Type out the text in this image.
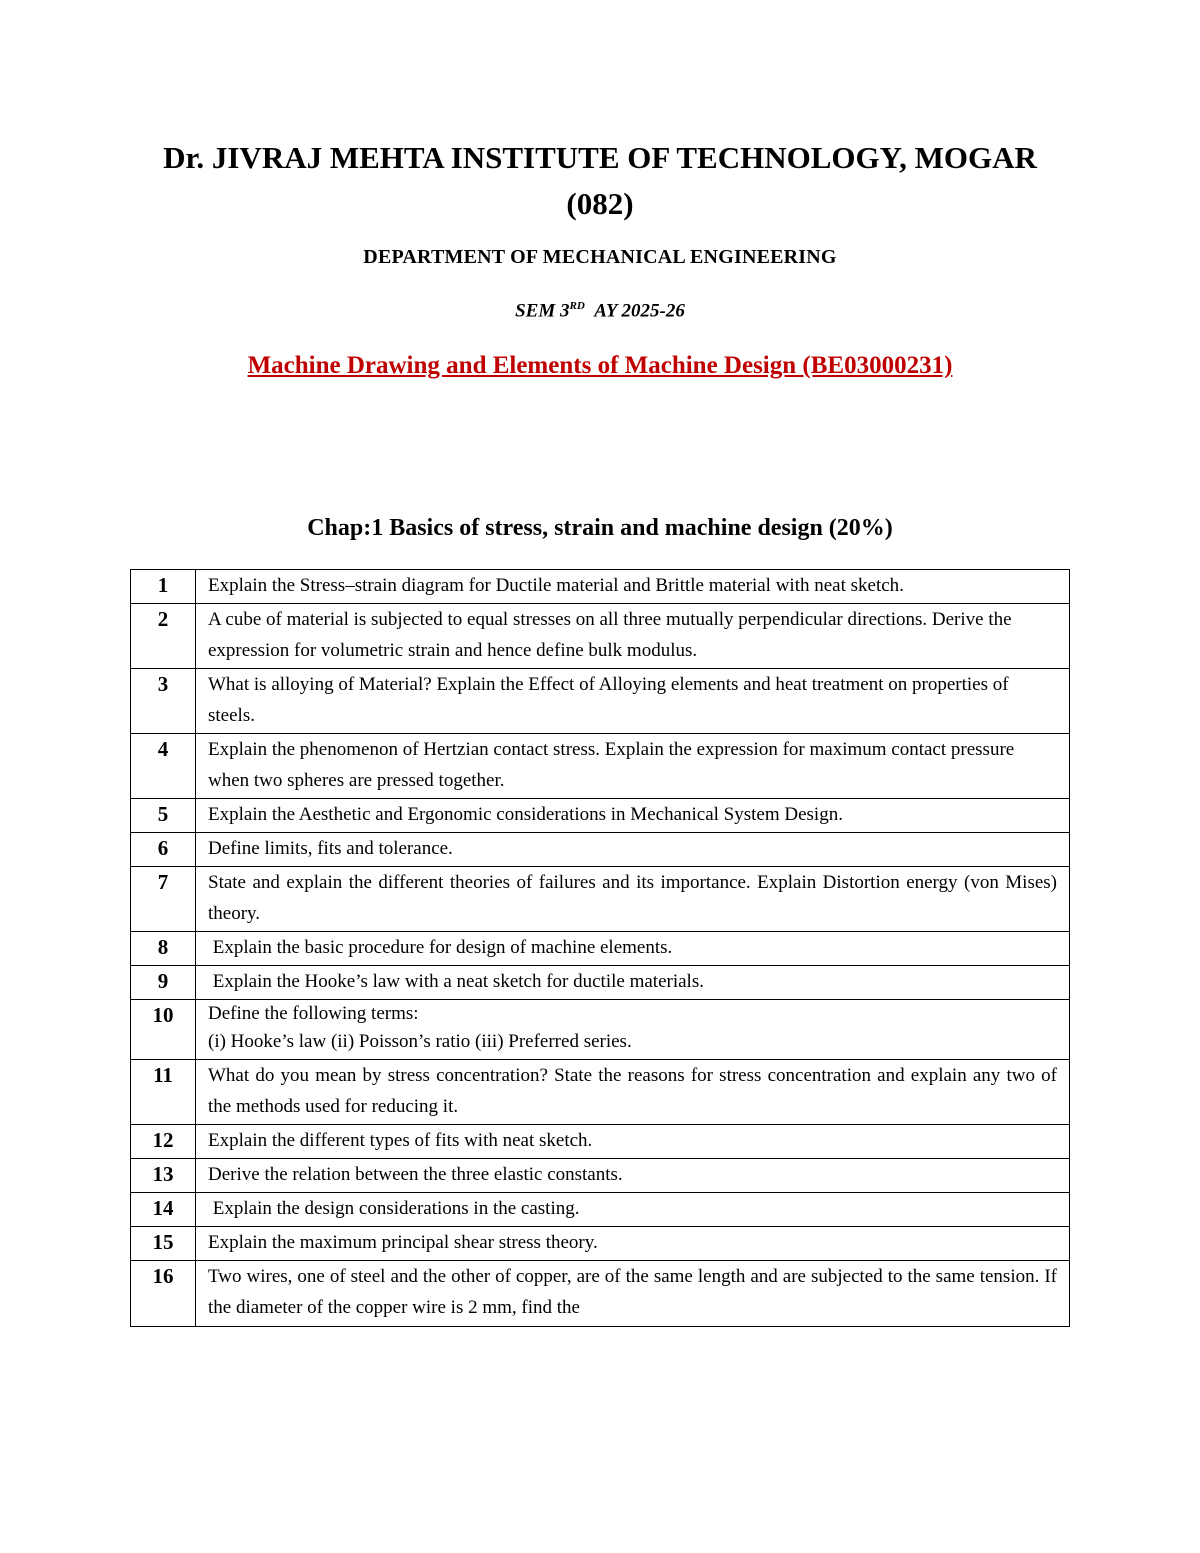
Dr. JIVRAJ MEHTA INSTITUTE OF TECHNOLOGY, MOGAR
(082)
DEPARTMENT OF MECHANICAL ENGINEERING
SEM 3RD AY 2025-26
Machine Drawing and Elements of Machine Design (BE03000231)
Chap:1 Basics of stress, strain and machine design (20%)
1	Explain the Stress–strain diagram for Ductile material and Brittle material with neat sketch.
2	A cube of material is subjected to equal stresses on all three mutually perpendicular directions. Derive the expression for volumetric strain and hence define bulk modulus.
3	What is alloying of Material? Explain the Effect of Alloying elements and heat treatment on properties of steels.
4	Explain the phenomenon of Hertzian contact stress. Explain the expression for maximum contact pressure when two spheres are pressed together.
5	Explain the Aesthetic and Ergonomic considerations in Mechanical System Design.
6	Define limits, fits and tolerance.
7	State and explain the different theories of failures and its importance. Explain Distortion energy (von Mises) theory.
8	Explain the basic procedure for design of machine elements.
9	Explain the Hooke’s law with a neat sketch for ductile materials.
10	Define the following terms:
(i) Hooke’s law (ii) Poisson’s ratio (iii) Preferred series.

11	What do you mean by stress concentration? State the reasons for stress concentration and explain any two of the methods used for reducing it.
12	Explain the different types of fits with neat sketch.
13	Derive the relation between the three elastic constants.
14	Explain the design considerations in the casting.
15	Explain the maximum principal shear stress theory.
16	Two wires, one of steel and the other of copper, are of the same length and are subjected to the same tension. If the diameter of the copper wire is 2 mm, find the
